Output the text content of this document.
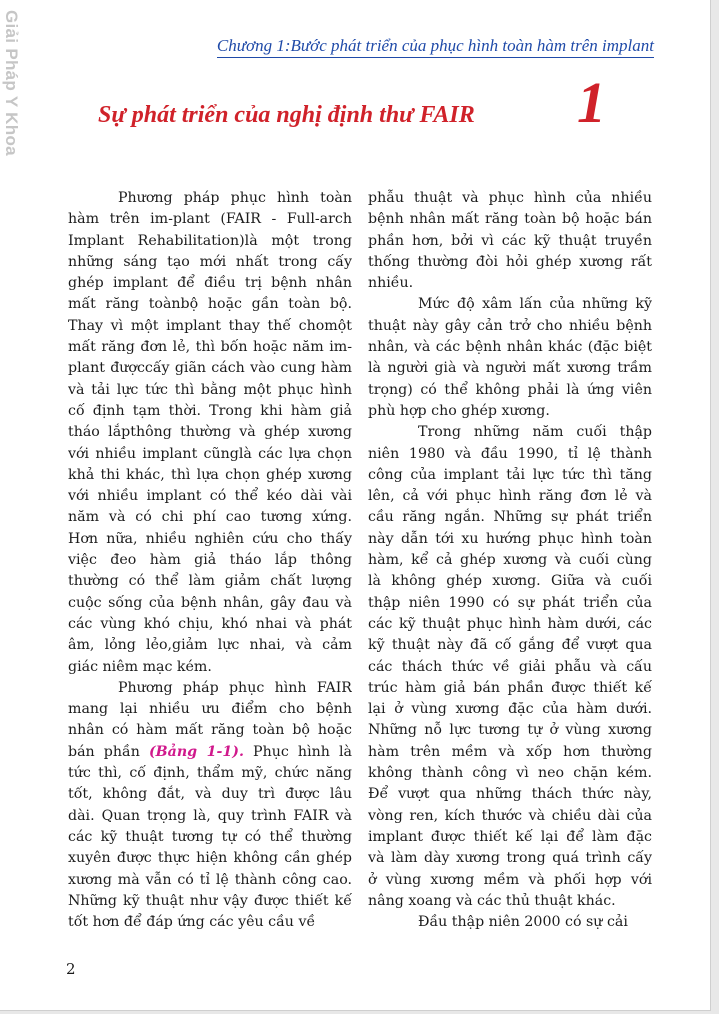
Giải Pháp Y Khoa	Chương 1:Bước phát triển của phục hình toàn hàm trên implant
Sự phát triển của nghị định thư FAIR 1
Phương pháp phục hình toàn
hàm trên im-plant (FAIR - Full-arch
Implant Rehabilitation)là một trong
những sáng tạo mới nhất trong cấy
ghép implant để điều trị bệnh nhân
mất răng toànbộ hoặc gần toàn bộ.
Thay vì một implant thay thế chomột
mất răng đơn lẻ, thì bốn hoặc năm im-
plant đượccấy giãn cách vào cung hàm
và tải lực tức thì bằng một phục hình
cố định tạm thời. Trong khi hàm giả
tháo lắpthông thường và ghép xương
với nhiều implant cũnglà các lựa chọn
khả thi khác, thì lựa chọn ghép xương
với nhiều implant có thể kéo dài vài
năm và có chi phí cao tương xứng.
Hơn nữa, nhiều nghiên cứu cho thấy
việc đeo hàm giả tháo lắp thông
thường có thể làm giảm chất lượng
cuộc sống của bệnh nhân, gây đau và
các vùng khó chịu, khó nhai và phát
âm, lỏng lẻo,giảm lực nhai, và cảm
giác niêm mạc kém.
Phương pháp phục hình FAIR
mang lại nhiều ưu điểm cho bệnh
nhân có hàm mất răng toàn bộ hoặc
bán phần (Bảng 1-1). Phục hình là
tức thì, cố định, thẩm mỹ, chức năng
tốt, không đắt, và duy trì được lâu
dài. Quan trọng là, quy trình FAIR và
các kỹ thuật tương tự có thể thường
xuyên được thực hiện không cần ghép
xương mà vẫn có tỉ lệ thành công cao.
Những kỹ thuật như vậy được thiết kế
tốt hơn để đáp ứng các yêu cầu về
phẫu thuật và phục hình của nhiều
bệnh nhân mất răng toàn bộ hoặc bán
phần hơn, bởi vì các kỹ thuật truyền
thống thường đòi hỏi ghép xương rất
nhiều.
Mức độ xâm lấn của những kỹ
thuật này gây cản trở cho nhiều bệnh
nhân, và các bệnh nhân khác (đặc biệt
là người già và người mất xương trầm
trọng) có thể không phải là ứng viên
phù hợp cho ghép xương.
Trong những năm cuối thập
niên 1980 và đầu 1990, tỉ lệ thành
công của implant tải lực tức thì tăng
lên, cả với phục hình răng đơn lẻ và
cầu răng ngắn. Những sự phát triển
này dẫn tới xu hướng phục hình toàn
hàm, kể cả ghép xương và cuối cùng
là không ghép xương. Giữa và cuối
thập niên 1990 có sự phát triển của
các kỹ thuật phục hình hàm dưới, các
kỹ thuật này đã cố gắng để vượt qua
các thách thức về giải phẫu và cấu
trúc hàm giả bán phần được thiết kế
lại ở vùng xương đặc của hàm dưới.
Những nỗ lực tương tự ở vùng xương
hàm trên mềm và xốp hơn thường
không thành công vì neo chặn kém.
Để vượt qua những thách thức này,
vòng ren, kích thước và chiều dài của
implant được thiết kế lại để làm đặc
và làm dày xương trong quá trình cấy
ở vùng xương mềm và phối hợp với
nâng xoang và các thủ thuật khác.
Đầu thập niên 2000 có sự cải
2
